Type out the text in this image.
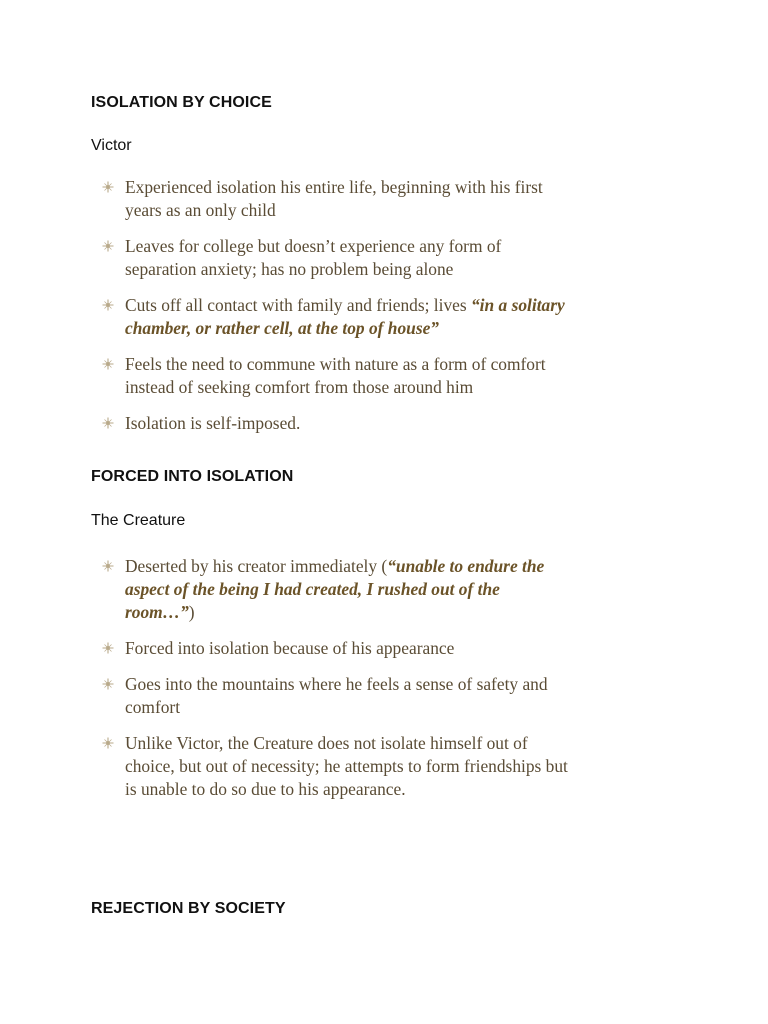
ISOLATION BY CHOICE
Victor
Experienced isolation his entire life, beginning with his first years as an only child
Leaves for college but doesn’t experience any form of separation anxiety; has no problem being alone
Cuts off all contact with family and friends; lives “in a solitary chamber, or rather cell, at the top of house”
Feels the need to commune with nature as a form of comfort instead of seeking comfort from those around him
Isolation is self-imposed.
FORCED INTO ISOLATION
The Creature
Deserted by his creator immediately (“unable to endure the aspect of the being I had created, I rushed out of the room…”)
Forced into isolation because of his appearance
Goes into the mountains where he feels a sense of safety and comfort
Unlike Victor, the Creature does not isolate himself out of choice, but out of necessity; he attempts to form friendships but is unable to do so due to his appearance.
REJECTION BY SOCIETY
